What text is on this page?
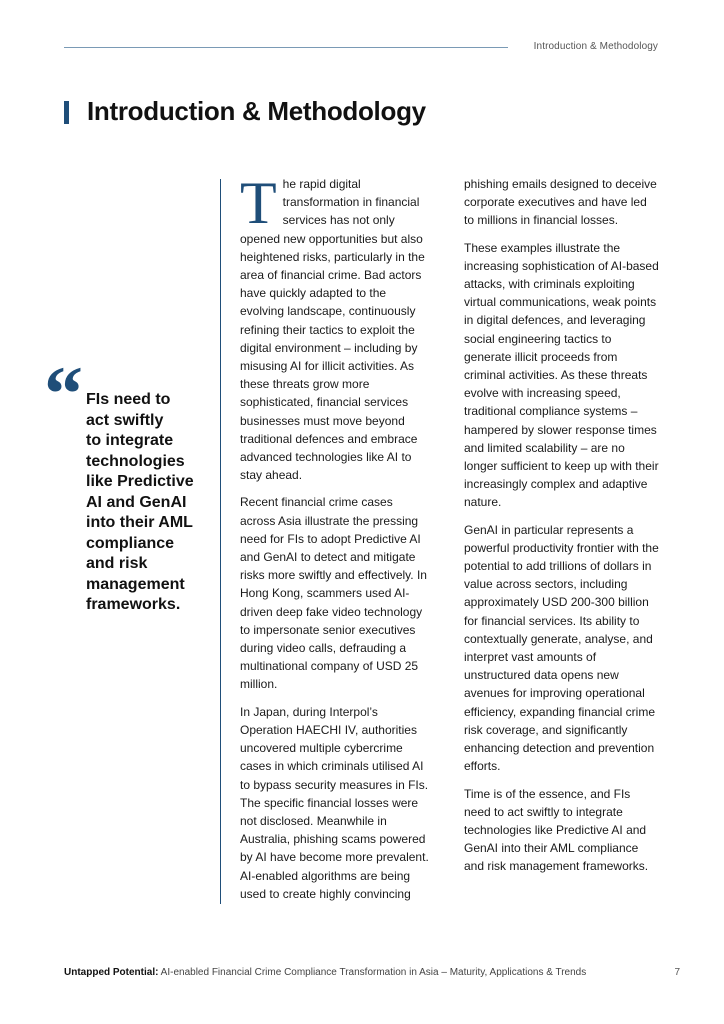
Introduction & Methodology
Introduction & Methodology
“ FIs need to
act swiftly
to integrate
technologies
like Predictive
AI and GenAI
into their AML
compliance
and risk
management
frameworks.

The rapid digital transformation in financial services has not only opened new opportunities but also heightened risks, particularly in the area of financial crime. Bad actors have quickly adapted to the evolving landscape, continuously refining their tactics to exploit the digital environment – including by misusing AI for illicit activities. As these threats grow more sophisticated, financial services businesses must move beyond traditional defences and embrace advanced technologies like AI to stay ahead.

Recent financial crime cases across Asia illustrate the pressing need for FIs to adopt Predictive AI and GenAI to detect and mitigate risks more swiftly and effectively. In Hong Kong, scammers used AI-driven deep fake video technology to impersonate senior executives during video calls, defrauding a multinational company of USD 25 million.

In Japan, during Interpol’s Operation HAECHI IV, authorities uncovered multiple cybercrime cases in which criminals utilised AI to bypass security measures in FIs. The specific financial losses were not disclosed. Meanwhile in Australia, phishing scams powered by AI have become more prevalent. AI-enabled algorithms are being used to create highly convincing

phishing emails designed to deceive corporate executives and have led to millions in financial losses.

These examples illustrate the increasing sophistication of AI-based attacks, with criminals exploiting virtual communications, weak points in digital defences, and leveraging social engineering tactics to generate illicit proceeds from criminal activities. As these threats evolve with increasing speed, traditional compliance systems – hampered by slower response times and limited scalability – are no longer sufficient to keep up with their increasingly complex and adaptive nature.

GenAI in particular represents a powerful productivity frontier with the potential to add trillions of dollars in value across sectors, including approximately USD 200-300 billion for financial services. Its ability to contextually generate, analyse, and interpret vast amounts of unstructured data opens new avenues for improving operational efficiency, expanding financial crime risk coverage, and significantly enhancing detection and prevention efforts.

Time is of the essence, and FIs need to act swiftly to integrate technologies like Predictive AI and GenAI into their AML compliance and risk management frameworks.

Untapped Potential: AI-enabled Financial Crime Compliance Transformation in Asia – Maturity, Applications & Trends	7
